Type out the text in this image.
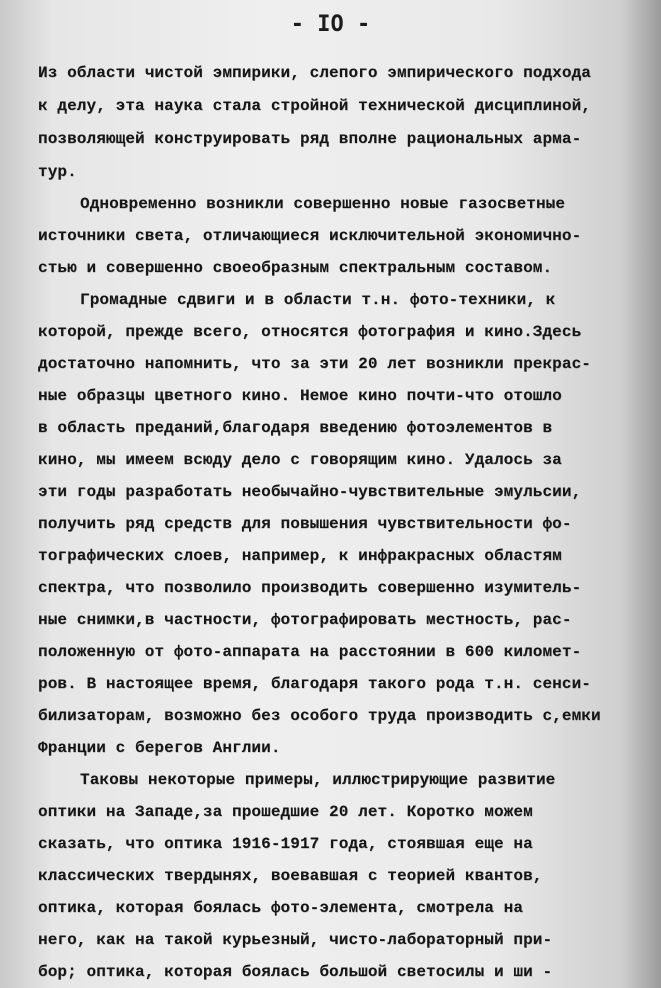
- IO -
Из области чистой эмпирики, слепого эмпирического подхода
к делу, эта наука стала стройной технической дисциплиной,
позволяющей конструировать ряд вполне рациональных арма-
тур.
Одновременно возникли совершенно новые газосветные
источники света, отличающиеся исключительной экономично-
стью и совершенно своеобразным спектральным составом.
Громадные сдвиги и в области т.н. фото-техники, к
которой, прежде всего, относятся фотография и кино.Здесь
достаточно напомнить, что за эти 20 лет возникли прекрас-
ные образцы цветного кино. Немое кино почти-что отошло
в область преданий,благодаря введению фотоэлементов в
кино, мы имеем всюду дело с говорящим кино. Удалось за
эти годы разработать необычайно-чувствительные эмульсии,
получить ряд средств для повышения чувствительности фо-
тографических слоев, например, к инфракрасных областям
спектра, что позволило производить совершенно изумитель-
ные снимки,в частности, фотографировать местность, рас-
положенную от фото-аппарата на расстоянии в 600 километ-
ров. В настоящее время, благодаря такого рода т.н. сенси-
билизаторам, возможно без особого труда производить с,емки
Франции с берегов Англии.
Таковы некоторые примеры, иллюстрирующие развитие
оптики на Западе,за прошедшие 20 лет. Коротко можем
сказать, что оптика 1916-1917 года, стоявшая еще на
классических твердынях, воевавшая с теорией квантов,
оптика, которая боялась фото-элемента, смотрела на
него, как на такой курьезный, чисто-лабораторный при-
бор; оптика, которая боялась большой светосилы и ши -
